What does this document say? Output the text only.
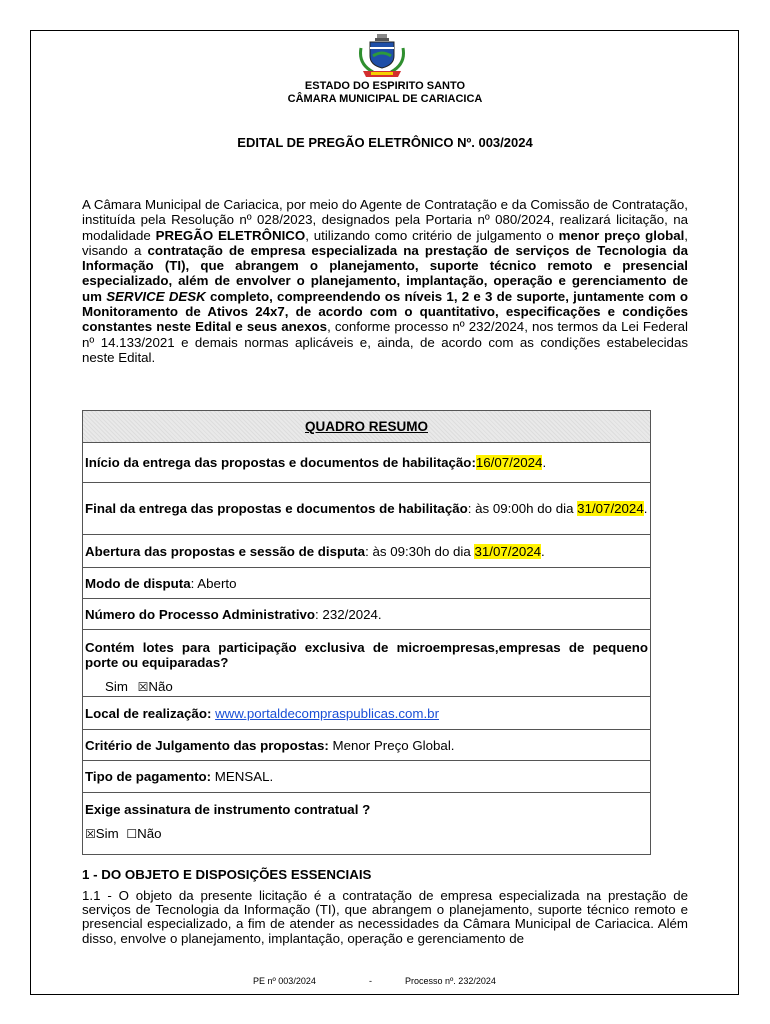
ESTADO DO ESPIRITO SANTO
CÂMARA MUNICIPAL DE CARIACICA
EDITAL DE PREGÃO ELETRÔNICO Nº. 003/2024

A Câmara Municipal de Cariacica, por meio do Agente de Contratação e da Comissão de Contratação, instituída pela Resolução nº 028/2023, designados pela Portaria nº 080/2024, realizará licitação, na modalidade PREGÃO ELETRÔNICO, utilizando como critério de julgamento o menor preço global, visando a contratação de empresa especializada na prestação de serviços de Tecnologia da Informação (TI), que abrangem o planejamento, suporte técnico remoto e presencial especializado, além de envolver o planejamento, implantação, operação e gerenciamento de um SERVICE DESK completo, compreendendo os níveis 1, 2 e 3 de suporte, juntamente com o Monitoramento de Ativos 24x7, de acordo com o quantitativo, especificações e condições constantes neste Edital e seus anexos, conforme processo nº 232/2024, nos termos da Lei Federal nº 14.133/2021 e demais normas aplicáveis e, ainda, de acordo com as condições estabelecidas neste Edital.

QUADRO RESUMO
Início da entrega das propostas e documentos de habilitação:16/07/2024.
Final da entrega das propostas e documentos de habilitação: às 09:00h do dia 31/07/2024.
Abertura das propostas e sessão de disputa: às 09:30h do dia 31/07/2024.
Modo de disputa: Aberto
Número do Processo Administrativo: 232/2024.
Contém lotes para participação exclusiva de microempresas,empresas de pequeno porte ou equiparadas?
Sim ☒Não
Local de realização: www.portaldecompraspublicas.com.br
Critério de Julgamento das propostas: Menor Preço Global.
Tipo de pagamento: MENSAL.
Exige assinatura de instrumento contratual ?
☒Sim ☐Não
1 - DO OBJETO E DISPOSIÇÕES ESSENCIAIS

1.1 - O objeto da presente licitação é a contratação de empresa especializada na prestação de serviços de Tecnologia da Informação (TI), que abrangem o planejamento, suporte técnico remoto e presencial especializado, a fim de atender as necessidades da Câmara Municipal de Cariacica. Além disso, envolve o planejamento, implantação, operação e gerenciamento de

PE nº 003/2024	-	Processo nº. 232/2024
